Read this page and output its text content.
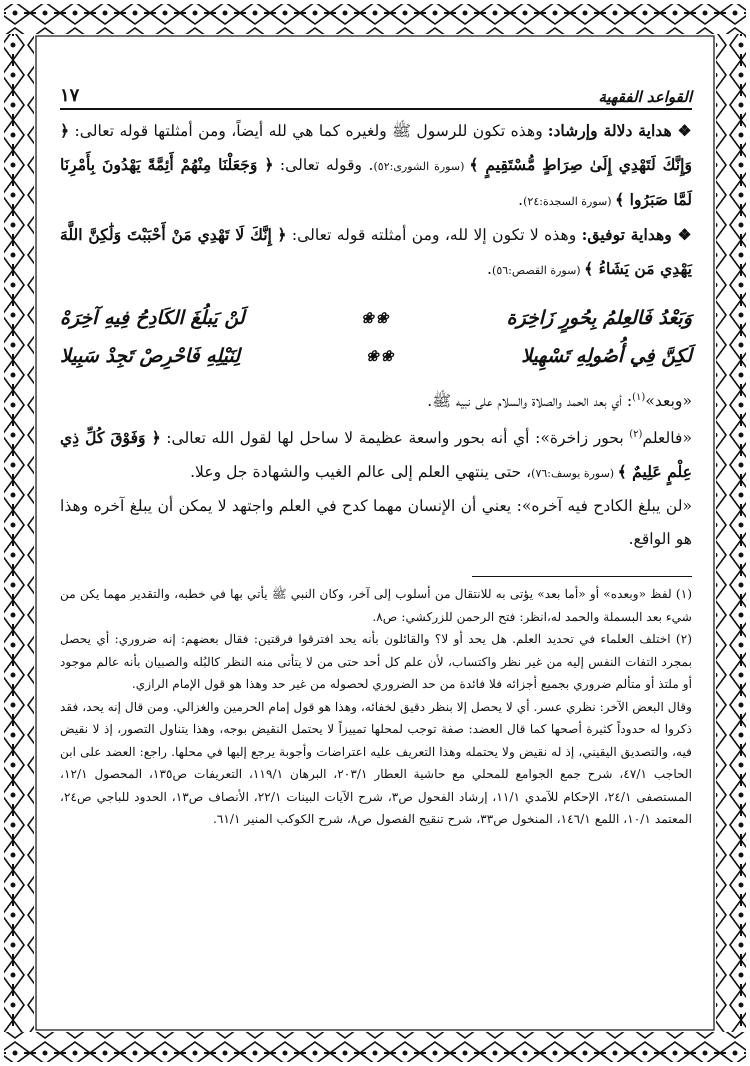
القواعد الفقهية
١٧

❖ هداية دلالة وإرشاد: وهذه تكون للرسول ﷺ ولغيره كما هي لله أيضاً، ومن أمثلتها قوله تعالى: ﴿ وَإِنَّكَ لَتَهْدِي إِلَىٰ صِرَاطٍ مُّسْتَقِيمٍ ﴾ (سورة الشورى:٥٢). وقوله تعالى: ﴿ وَجَعَلْنَا مِنْهُمْ أَئِمَّةً يَهْدُونَ بِأَمْرِنَا لَمَّا صَبَرُوا ﴾ (سورة السجدة:٢٤).

❖ وهداية توفيق: وهذه لا تكون إلا لله، ومن أمثلته قوله تعالى: ﴿ إِنَّكَ لَا تَهْدِي مَنْ أَحْبَبْتَ وَلَٰكِنَّ اللَّهَ يَهْدِي مَن يَشَاءُ ﴾ (سورة القصص:٥٦).

وَبَعْدُ فَالعِلمُ بِحُورٍ زَاخِرَة
❀❀
لَنْ يَبلُغَ الكَادِحُ فِيهِ آخِرَهْ
لَكِنَّ فِي أُصُولِهِ تَسْهِيلا
❀❀
لِنَيْلِهِ فَاحْرِصْ تَجِدْ سَبِيلا

«وبعد»$^{(١)}$: أي بعد الحمد والصلاة والسلام على نبيه ﷺ.

«فالعلم$^{(٢)}$ بحور زاخرة»: أي أنه بحور واسعة عظيمة لا ساحل لها لقول الله تعالى: ﴿ وَفَوْقَ كُلِّ ذِي عِلْمٍ عَلِيمٌ ﴾ (سورة يوسف:٧٦)، حتى ينتهي العلم إلى عالم الغيب والشهادة جل وعلا.

«لن يبلغ الكادح فيه آخره»: يعني أن الإنسان مهما كدح في العلم واجتهد لا يمكن أن يبلغ آخره وهذا هو الواقع.

(١) لفظ «وبعده» أو «أما بعد» يؤتى به للانتقال من أسلوب إلى آخر، وكان النبي ﷺ يأتي بها في خطبه، والتقدير مهما يكن من شيء بعد البسملة والحمد له،انظر: فتح الرحمن للزركشي: ص٨.

(٢) اختلف العلماء في تحديد العلم. هل يحد أو لا؟ والقائلون بأنه يحد افترقوا فرقتين: فقال بعضهم: إنه ضروري: أي يحصل بمجرد التفات النفس إليه من غير نظر واكتساب، لأن علم كل أحد حتى من لا يتأتى منه النظر كالبُله والصبيان بأنه عالم موجود أو ملتذ أو متألم ضروري بجميع أجزائه فلا فائدة من حد الضروري لحصوله من غير حد وهذا هو قول الإمام الرازي.

وقال البعض الآخر: نظري عسر. أي لا يحصل إلا بنظر دقيق لخفائه، وهذا هو قول إمام الحرمين والغزالي. ومن قال إنه يحد، فقد ذكروا له حدوداً كثيرة أصحها كما قال العضد: صفة توجب لمحلها تمييزاً لا يحتمل النقيض بوجه، وهذا يتناول التصور، إذ لا نقيض فيه، والتصديق اليقيني، إذ له نقيض ولا يحتمله وهذا التعريف عليه اعتراضات وأجوبة يرجع إليها في محلها. راجع: العضد على ابن الحاجب ٤٧/١، شرح جمع الجوامع للمحلي مع حاشية العطار ٢٠٣/١، البرهان ١١٩/١، التعريفات ص١٣٥، المحصول ١٢/١، المستصفى ٢٤/١، الإحكام للآمدي ١١/١، إرشاد الفحول ص٣، شرح الآيات البينات ٢٢/١، الأنصاف ص١٣، الحدود للباجي ص٢٤، المعتمد ١٠/١، اللمع ١٤٦/١، المنخول ص٣٣، شرح تنقيح الفصول ص٨، شرح الكوكب المنير ٦١/١.
